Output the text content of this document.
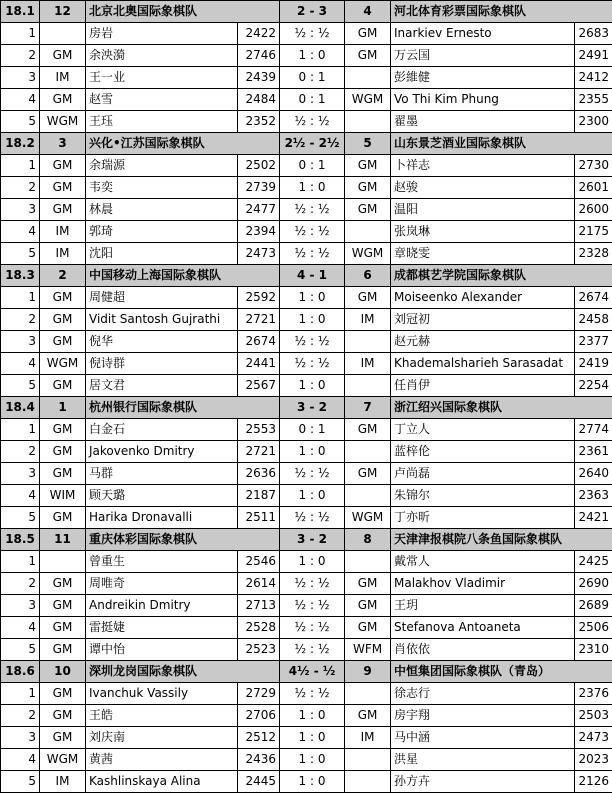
18.1	12	北京北奥国际象棋队		2 - 3	4	河北体育彩票国际象棋队	
1		房岩	2422	½ : ½	GM	Inarkiev Ernesto	2683
2	GM	余泱漪	2746	1 : 0	GM	万云国	2491
3	IM	王一业	2439	0 : 1		彭維健	2412
4	GM	赵雪	2484	0 : 1	WGM	Vo Thi Kim Phung	2355
5	WGM	王珏	2352	½ : ½		翟墨	2300
18.2	3	兴化•江苏国际象棋队		2½ - 2½	5	山东景芝酒业国际象棋队	
1	GM	余瑞源	2502	0 : 1	GM	卜祥志	2730
2	GM	韦奕	2739	1 : 0	GM	赵骏	2601
3	GM	林晨	2477	½ : ½	GM	温阳	2600
4	IM	郭琦	2394	½ : ½		张岚琳	2175
5	IM	沈阳	2473	½ : ½	WGM	章晓雯	2328
18.3	2	中国移动上海国际象棋队		4 - 1	6	成都棋艺学院国际象棋队	
1	GM	周健超	2592	1 : 0	GM	Moiseenko Alexander	2674
2	GM	Vidit Santosh Gujrathi	2721	1 : 0	IM	刘冠初	2458
3	GM	倪华	2674	½ : ½		赵元赫	2377
4	WGM	倪诗群	2441	½ : ½	IM	Khademalsharieh Sarasadat	2419
5	GM	居文君	2567	1 : 0		任肖伊	2254
18.4	1	杭州银行国际象棋队		3 - 2	7	浙江绍兴国际象棋队	
1	GM	白金石	2553	0 : 1	GM	丁立人	2774
2	GM	Jakovenko Dmitry	2721	1 : 0		蓝梓伦	2361
3	GM	马群	2636	½ : ½	GM	卢尚磊	2640
4	WIM	顾天璐	2187	1 : 0		朱锦尔	2363
5	GM	Harika Dronavalli	2511	½ : ½	WGM	丁亦昕	2421
18.5	11	重庆体彩国际象棋队		3 - 2	8	天津津报棋院八条鱼国际象棋队	
1		曾重生	2546	1 : 0		戴常人	2425
2	GM	周唯奇	2614	½ : ½	GM	Malakhov Vladimir	2690
3	GM	Andreikin Dmitry	2713	½ : ½	GM	王玥	2689
4	GM	雷挺婕	2528	½ : ½	GM	Stefanova Antoaneta	2506
5	GM	谭中怡	2523	½ : ½	WFM	肖依依	2310
18.6	10	深圳龙岗国际象棋队		4½ - ½	9	中恒集团国际象棋队（青岛）	
1	GM	Ivanchuk Vassily	2729	½ : ½		徐志行	2376
2	GM	王皓	2706	1 : 0	GM	房宇翔	2503
3	GM	刘庆南	2512	1 : 0	IM	马中涵	2473
4	WGM	黄茜	2436	1 : 0		洪星	2023
5	IM	Kashlinskaya Alina	2445	1 : 0		孙方卉	2126
